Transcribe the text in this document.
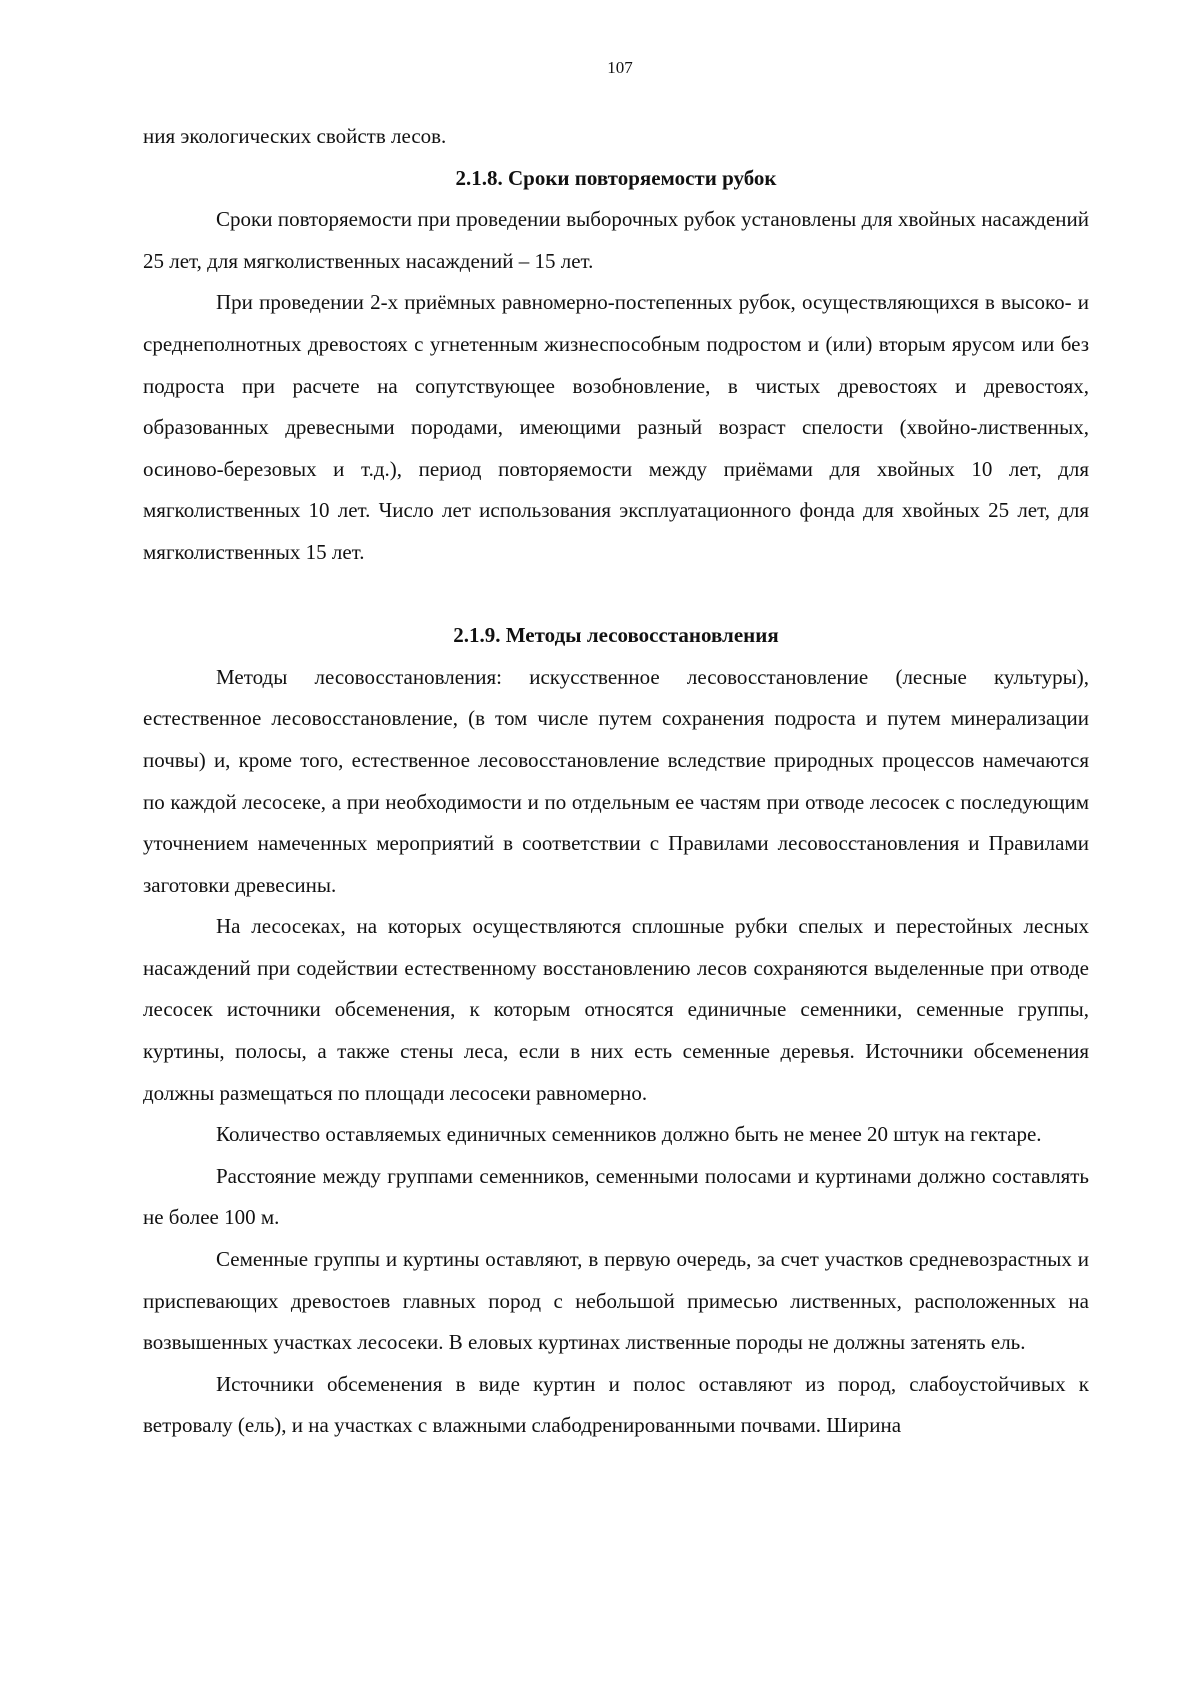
107

ния экологических свойств лесов.

2.1.8. Сроки повторяемости рубок

Сроки повторяемости при проведении выборочных рубок установлены для хвойных насаждений 25 лет, для мягколиственных насаждений – 15 лет.

При проведении 2-х приёмных равномерно-постепенных рубок, осуществляющихся в высоко- и среднеполнотных древостоях с угнетенным жизнеспособным подростом и (или) вторым ярусом или без подроста при расчете на сопутствующее возобновление, в чистых древостоях и древостоях, образованных древесными породами, имеющими разный возраст спелости (хвойно-лиственных, осиново-березовых и т.д.), период повторяемости между приёмами для хвойных 10 лет, для мягколиственных 10 лет. Число лет использования эксплуатационного фонда для хвойных 25 лет, для мягколиственных 15 лет.

2.1.9. Методы лесовосстановления

Методы лесовосстановления: искусственное лесовосстановление (лесные культуры), естественное лесовосстановление, (в том числе путем сохранения подроста и путем минерализации почвы) и, кроме того, естественное лесовосстановление вследствие природных процессов намечаются по каждой лесосеке, а при необходимости и по отдельным ее частям при отводе лесосек с последующим уточнением намеченных мероприятий в соответствии с Правилами лесовосстановления и Правилами заготовки древесины.

На лесосеках, на которых осуществляются сплошные рубки спелых и перестойных лесных насаждений при содействии естественному восстановлению лесов сохраняются выделенные при отводе лесосек источники обсеменения, к которым относятся единичные семенники, семенные группы, куртины, полосы, а также стены леса, если в них есть семенные деревья. Источники обсеменения должны размещаться по площади лесосеки равномерно.

Количество оставляемых единичных семенников должно быть не менее 20 штук на гектаре.

Расстояние между группами семенников, семенными полосами и куртинами должно составлять не более 100 м.

Семенные группы и куртины оставляют, в первую очередь, за счет участков средневозрастных и приспевающих древостоев главных пород с небольшой примесью лиственных, расположенных на возвышенных участках лесосеки. В еловых куртинах лиственные породы не должны затенять ель.

Источники обсеменения в виде куртин и полос оставляют из пород, слабоустойчивых к ветровалу (ель), и на участках с влажными слабодренированными почвами. Ширина
